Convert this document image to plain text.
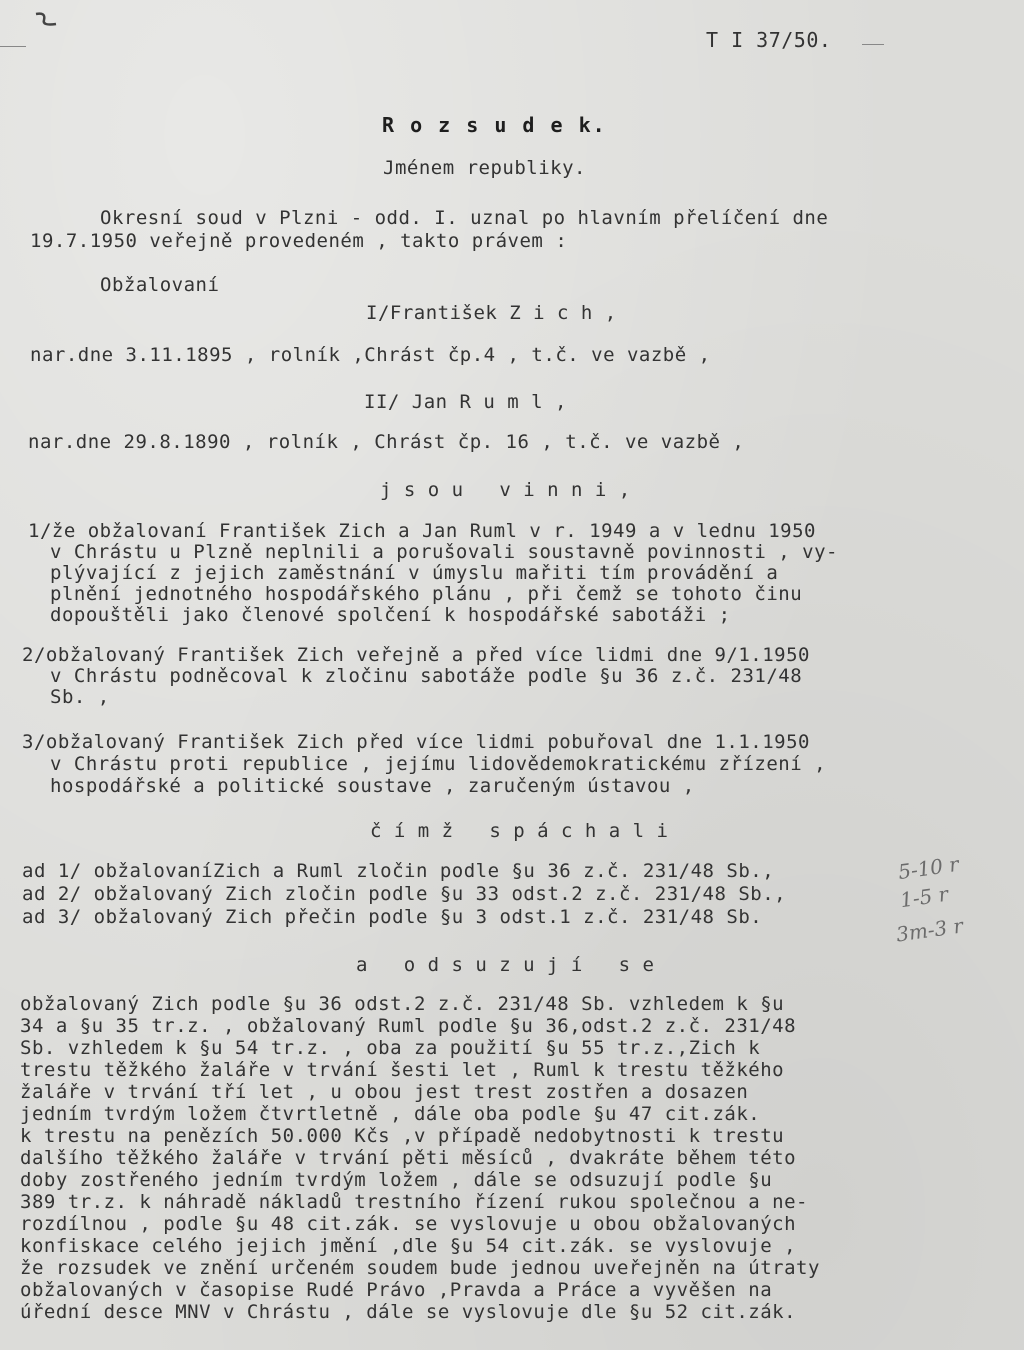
T I 37/50.
R o z s u d e k.
Jménem republiky.
Okresní soud v Plzni - odd. I. uznal po hlavním přelíčení dne
19.7.1950 veřejně provedeném , takto právem :
Obžalovaní
I/František Z i c h ,
nar.dne 3.11.1895 , rolník ,Chrást čp.4 , t.č. ve vazbě ,
II/ Jan R u m l ,
nar.dne 29.8.1890 , rolník , Chrást čp. 16 , t.č. ve vazbě ,
j s o u   v i n n i ,
1/že obžalovaní František Zich a Jan Ruml v r. 1949 a v lednu 1950
v Chrástu u Plzně neplnili a porušovali soustavně povinnosti , vy-
plývající z jejich zaměstnání v úmyslu mařiti tím provádění a
plnění jednotného hospodářského plánu , při čemž se tohoto činu
dopouštěli jako členové spolčení k hospodářské sabotáži ;
2/obžalovaný František Zich veřejně a před více lidmi dne 9/1.1950
v Chrástu podněcoval k zločinu sabotáže podle §u 36 z.č. 231/48
Sb. ,
3/obžalovaný František Zich před více lidmi pobuřoval dne 1.1.1950
v Chrástu proti republice , jejímu lidovědemokratickému zřízení ,
hospodářské a politické soustave , zaručeným ústavou ,
č í m ž   s p á c h a l i
ad 1/ obžalovaníZich a Ruml zločin podle §u 36 z.č. 231/48 Sb.,
ad 2/ obžalovaný Zich zločin podle §u 33 odst.2 z.č. 231/48 Sb.,
ad 3/ obžalovaný Zich přečin podle §u 3 odst.1 z.č. 231/48 Sb.
5-10 r
1-5 r
3m-3 r
a   o d s u z u j í   s e
obžalovaný Zich podle §u 36 odst.2 z.č. 231/48 Sb. vzhledem k §u
34 a §u 35 tr.z. , obžalovaný Ruml podle §u 36,odst.2 z.č. 231/48
Sb. vzhledem k §u 54 tr.z. , oba za použití §u 55 tr.z.,Zich k
trestu těžkého žaláře v trvání šesti let , Ruml k trestu těžkého
žaláře v trvání tří let , u obou jest trest zostřen a dosazen
jedním tvrdým ložem čtvrtletně , dále oba podle §u 47 cit.zák.
k trestu na penězích 50.000 Kčs ,v případě nedobytnosti k trestu
dalšího těžkého žaláře v trvání pěti měsíců , dvakráte během této
doby zostřeného jedním tvrdým ložem , dále se odsuzují podle §u
389 tr.z. k náhradě nákladů trestního řízení rukou společnou a ne-
rozdílnou , podle §u 48 cit.zák. se vyslovuje u obou obžalovaných
konfiskace celého jejich jmění ,dle §u 54 cit.zák. se vyslovuje ,
že rozsudek ve znění určeném soudem bude jednou uveřejněn na útraty
obžalovaných v časopise Rudé Právo ,Pravda a Práce a vyvěšen na
úřední desce MNV v Chrástu , dále se vyslovuje dle §u 52 cit.zák.
